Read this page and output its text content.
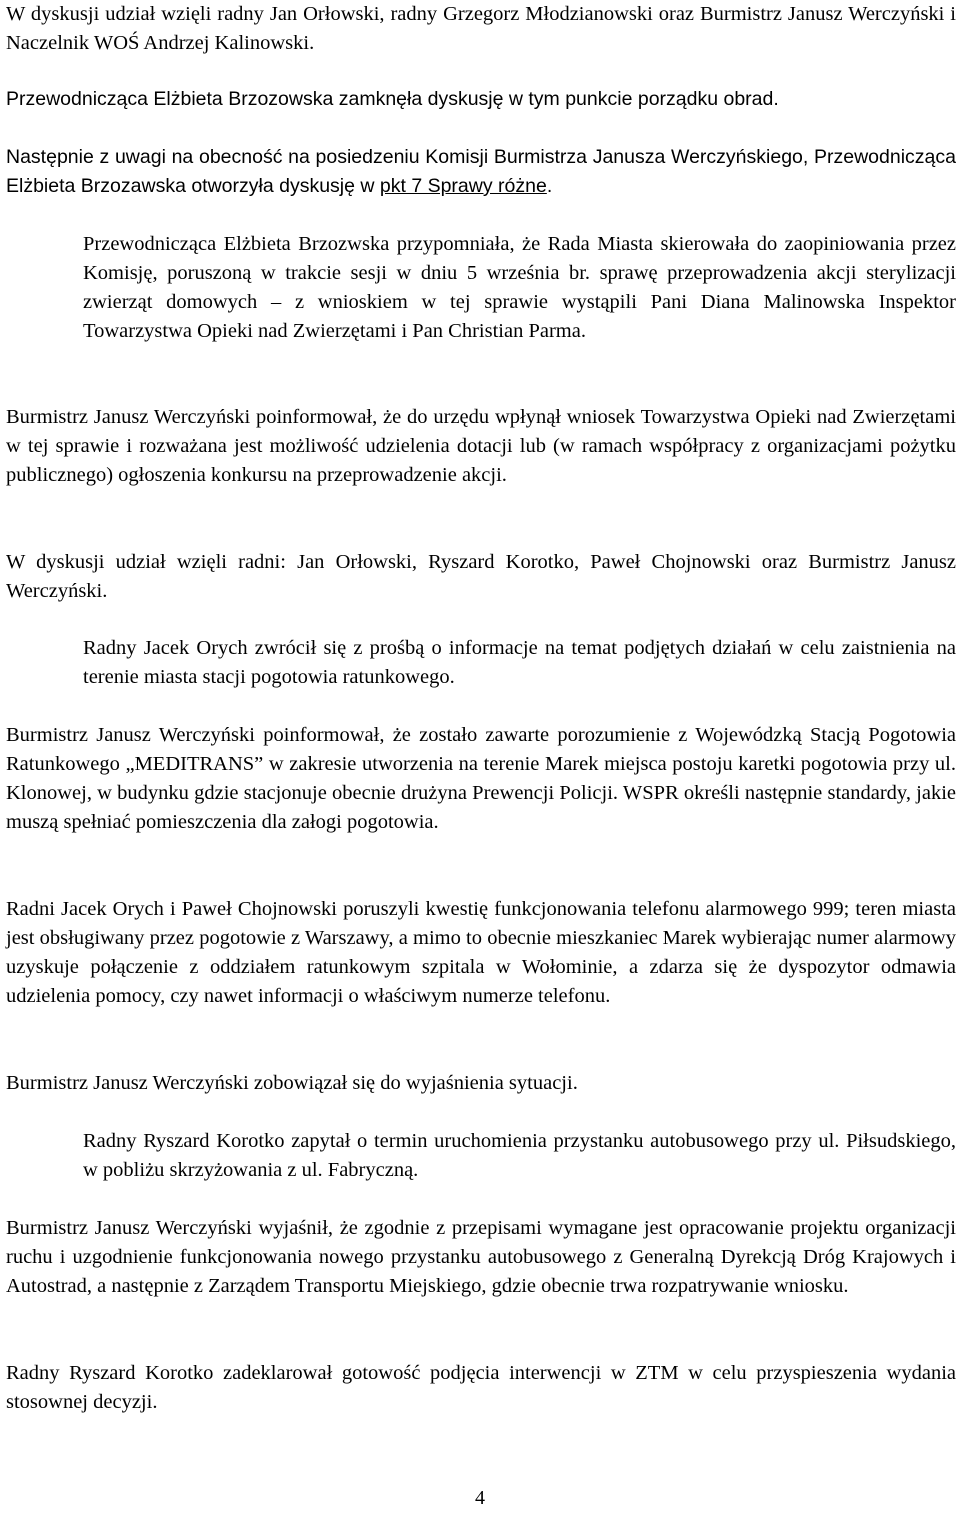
W dyskusji udział wzięli radny Jan Orłowski, radny Grzegorz Młodzianowski oraz Burmistrz Janusz Werczyński i Naczelnik WOŚ Andrzej Kalinowski.

Przewodnicząca Elżbieta Brzozowska zamknęła dyskusję w tym punkcie porządku obrad.

Następnie z uwagi na obecność na posiedzeniu Komisji Burmistrza Janusza Werczyńskiego, Przewodnicząca Elżbieta Brzozawska otworzyła dyskusję w pkt 7 Sprawy różne.

Przewodnicząca Elżbieta Brzozwska przypomniała, że Rada Miasta skierowała do zaopiniowania przez Komisję, poruszoną w trakcie sesji w dniu 5 września br. sprawę przeprowadzenia akcji sterylizacji zwierząt domowych – z wnioskiem w tej sprawie wystąpili Pani Diana Malinowska Inspektor Towarzystwa Opieki nad Zwierzętami i Pan Christian Parma.

Burmistrz Janusz Werczyński poinformował, że do urzędu wpłynął wniosek Towarzystwa Opieki nad Zwierzętami w tej sprawie i rozważana jest możliwość udzielenia dotacji lub (w ramach współpracy z organizacjami pożytku publicznego) ogłoszenia konkursu na przeprowadzenie akcji.

W dyskusji udział wzięli radni: Jan Orłowski, Ryszard Korotko, Paweł Chojnowski oraz Burmistrz Janusz Werczyński.

Radny Jacek Orych zwrócił się z prośbą o informacje na temat podjętych działań w celu zaistnienia na terenie miasta stacji pogotowia ratunkowego.

Burmistrz Janusz Werczyński poinformował, że zostało zawarte porozumienie z Wojewódzką Stacją Pogotowia Ratunkowego „MEDITRANS” w zakresie utworzenia na terenie Marek miejsca postoju karetki pogotowia przy ul. Klonowej, w budynku gdzie stacjonuje obecnie drużyna Prewencji Policji. WSPR określi następnie standardy, jakie muszą spełniać pomieszczenia dla załogi pogotowia.

Radni Jacek Orych i Paweł Chojnowski poruszyli kwestię funkcjonowania telefonu alarmowego 999; teren miasta jest obsługiwany przez pogotowie z Warszawy, a mimo to obecnie mieszkaniec Marek wybierając numer alarmowy uzyskuje połączenie z oddziałem ratunkowym szpitala w Wołominie, a zdarza się że dyspozytor odmawia udzielenia pomocy, czy nawet informacji o właściwym numerze telefonu.

Burmistrz Janusz Werczyński zobowiązał się do wyjaśnienia sytuacji.

Radny Ryszard Korotko zapytał o termin uruchomienia przystanku autobusowego przy ul. Piłsudskiego, w pobliżu skrzyżowania z ul. Fabryczną.

Burmistrz Janusz Werczyński wyjaśnił, że zgodnie z przepisami wymagane jest opracowanie projektu organizacji ruchu i uzgodnienie funkcjonowania nowego przystanku autobusowego z Generalną Dyrekcją Dróg Krajowych i Autostrad, a następnie z Zarządem Transportu Miejskiego, gdzie obecnie trwa rozpatrywanie wniosku.

Radny Ryszard Korotko zadeklarował gotowość podjęcia interwencji w ZTM w celu przyspieszenia wydania stosownej decyzji.

4
